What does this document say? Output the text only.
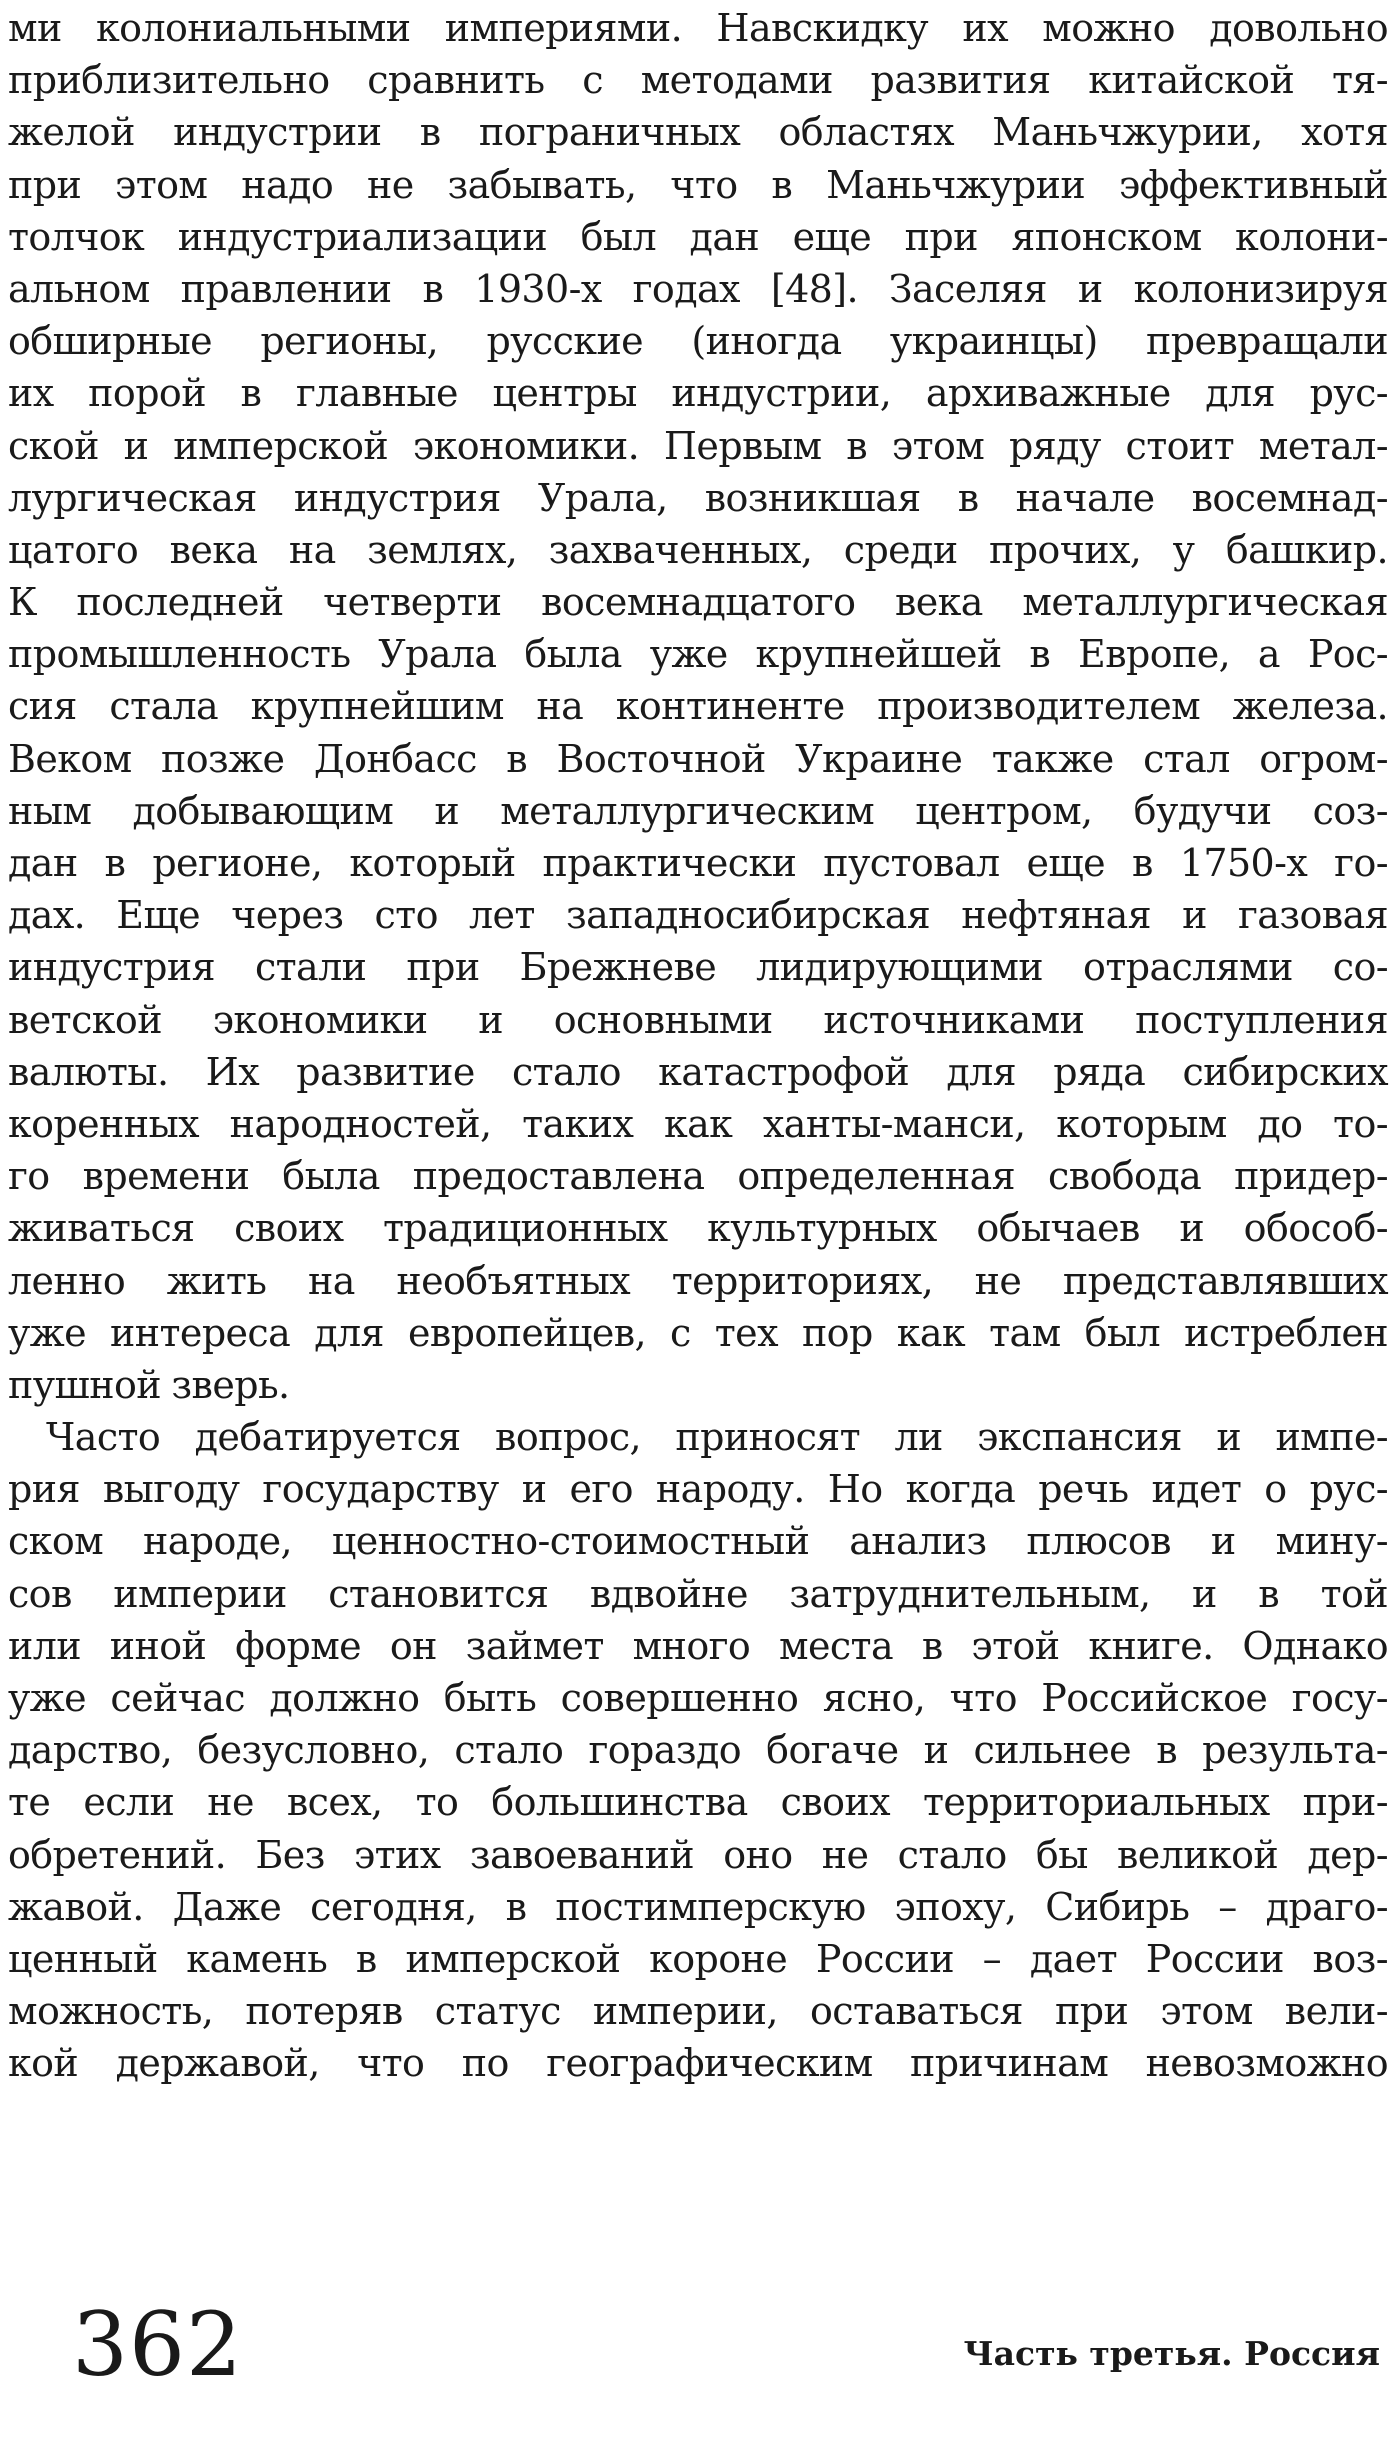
ми колониальными империями. Навскидку их можно довольно
приблизительно сравнить с методами развития китайской тя-
желой индустрии в пограничных областях Маньчжурии, хотя
при этом надо не забывать, что в Маньчжурии эффективный
толчок индустриализации был дан еще при японском колони-
альном правлении в 1930-х годах [48]. Заселяя и колонизируя
обширные регионы, русские (иногда украинцы) превращали
их порой в главные центры индустрии, архиважные для рус-
ской и имперской экономики. Первым в этом ряду стоит метал-
лургическая индустрия Урала, возникшая в начале восемнад-
цатого века на землях, захваченных, среди прочих, у башкир.
К последней четверти восемнадцатого века металлургическая
промышленность Урала была уже крупнейшей в Европе, а Рос-
сия стала крупнейшим на континенте производителем железа.
Веком позже Донбасс в Восточной Украине также стал огром-
ным добывающим и металлургическим центром, будучи соз-
дан в регионе, который практически пустовал еще в 1750-х го-
дах. Еще через сто лет западносибирская нефтяная и газовая
индустрия стали при Брежневе лидирующими отраслями со-
ветской экономики и основными источниками поступления
валюты. Их развитие стало катастрофой для ряда сибирских
коренных народностей, таких как ханты-манси, которым до то-
го времени была предоставлена определенная свобода придер-
живаться своих традиционных культурных обычаев и обособ-
ленно жить на необъятных территориях, не представлявших
уже интереса для европейцев, с тех пор как там был истреблен
пушной зверь.
Часто дебатируется вопрос, приносят ли экспансия и импе-
рия выгоду государству и его народу. Но когда речь идет о рус-
ском народе, ценностно-стоимостный анализ плюсов и мину-
сов империи становится вдвойне затруднительным, и в той
или иной форме он займет много места в этой книге. Однако
уже сейчас должно быть совершенно ясно, что Российское госу-
дарство, безусловно, стало гораздо богаче и сильнее в результа-
те если не всех, то большинства своих территориальных при-
обретений. Без этих завоеваний оно не стало бы великой дер-
жавой. Даже сегодня, в постимперскую эпоху, Сибирь – драго-
ценный камень в имперской короне России – дает России воз-
можность, потеряв статус империи, оставаться при этом вели-
кой державой, что по географическим причинам невозможно
362	Часть третья. Россия
